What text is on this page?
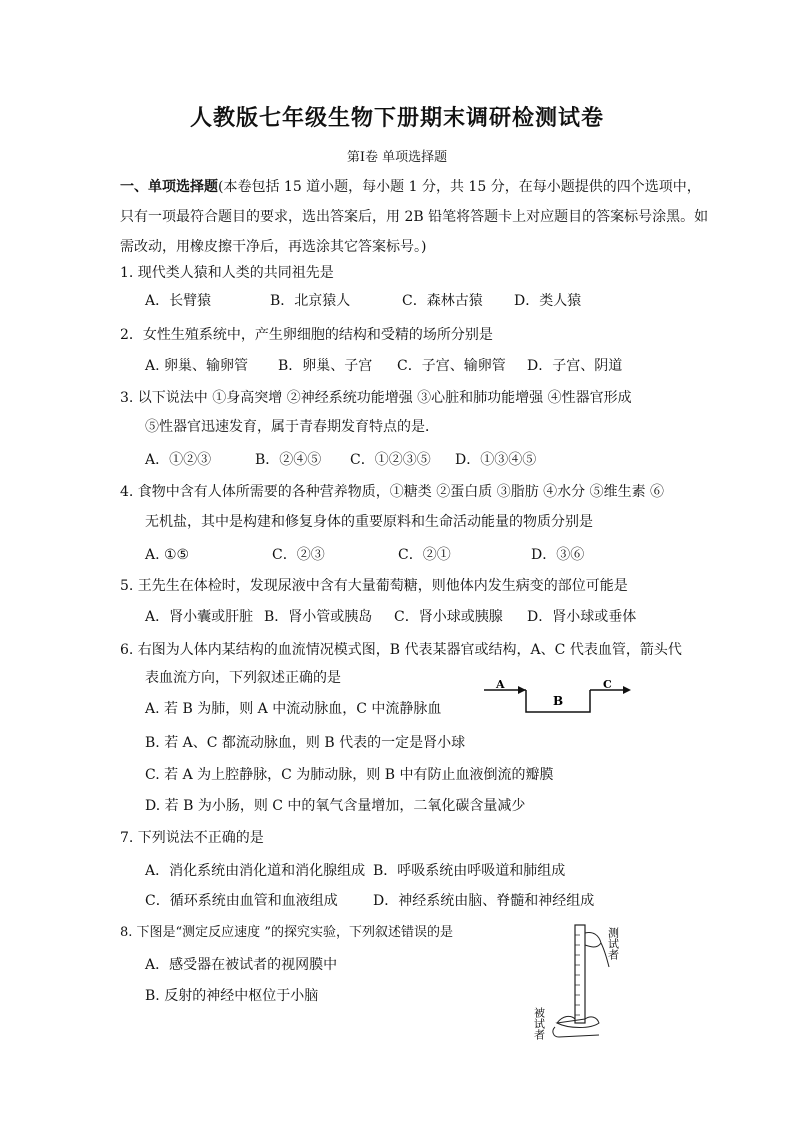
人教版七年级生物下册期末调研检测试卷
第Ⅰ卷 单项选择题
一、单项选择题(本卷包括 15 道小题，每小题 1 分，共 15 分，在每小题提供的四个选项中，
只有一项最符合题目的要求，选出答案后，用 2B 铅笔将答题卡上对应题目的答案标号涂黑。如
需改动，用橡皮擦干净后，再选涂其它答案标号。)
1. 现代类人猿和人类的共同祖先是
A．长臂猿	B．北京猿人	C．森林古猿 D．类人猿
2．女性生殖系统中，产生卵细胞的结构和受精的场所分别是
A. 卵巢、输卵管 B．卵巢、子宫 C．子宫、输卵管 D．子宫、阴道
3. 以下说法中 ①身高突增 ②神经系统功能增强 ③心脏和肺功能增强 ④性器官形成
⑤性器官迅速发育，属于青春期发育特点的是．
A．①②③	B．②④⑤ C．①②③⑤ D．①③④⑤
4. 食物中含有人体所需要的各种营养物质，①糖类 ②蛋白质 ③脂肪 ④水分 ⑤维生素 ⑥
无机盐，其中是构建和修复身体的重要原料和生命活动能量的物质分别是
A. ①⑤	C．②③	C．②①	D．③⑥
5. 王先生在体检时，发现尿液中含有大量葡萄糖，则他体内发生病变的部位可能是
A．肾小囊或肝脏 B．肾小管或胰岛 C．肾小球或胰腺 D．肾小球或垂体
6. 右图为人体内某结构的血流情况模式图，B 代表某器官或结构，A、C 代表血管，箭头代
表血流方向，下列叙述正确的是
A. 若 B 为肺，则 A 中流动脉血，C 中流静脉血
B. 若 A、C 都流动脉血，则 B 代表的一定是肾小球
C. 若 A 为上腔静脉，C 为肺动脉，则 B 中有防止血液倒流的瓣膜
D. 若 B 为小肠，则 C 中的氧气含量增加，二氧化碳含量减少
A
B
C
7. 下列说法不正确的是
A．消化系统由消化道和消化腺组成 B．呼吸系统由呼吸道和肺组成
C．循环系统由血管和血液组成	D．神经系统由脑、脊髓和神经组成
8. 下图是“测定反应速度 ”的探究实验，下列叙述错误的是
A．感受器在被试者的视网膜中
B. 反射的神经中枢位于小脑
测试者
被试者
